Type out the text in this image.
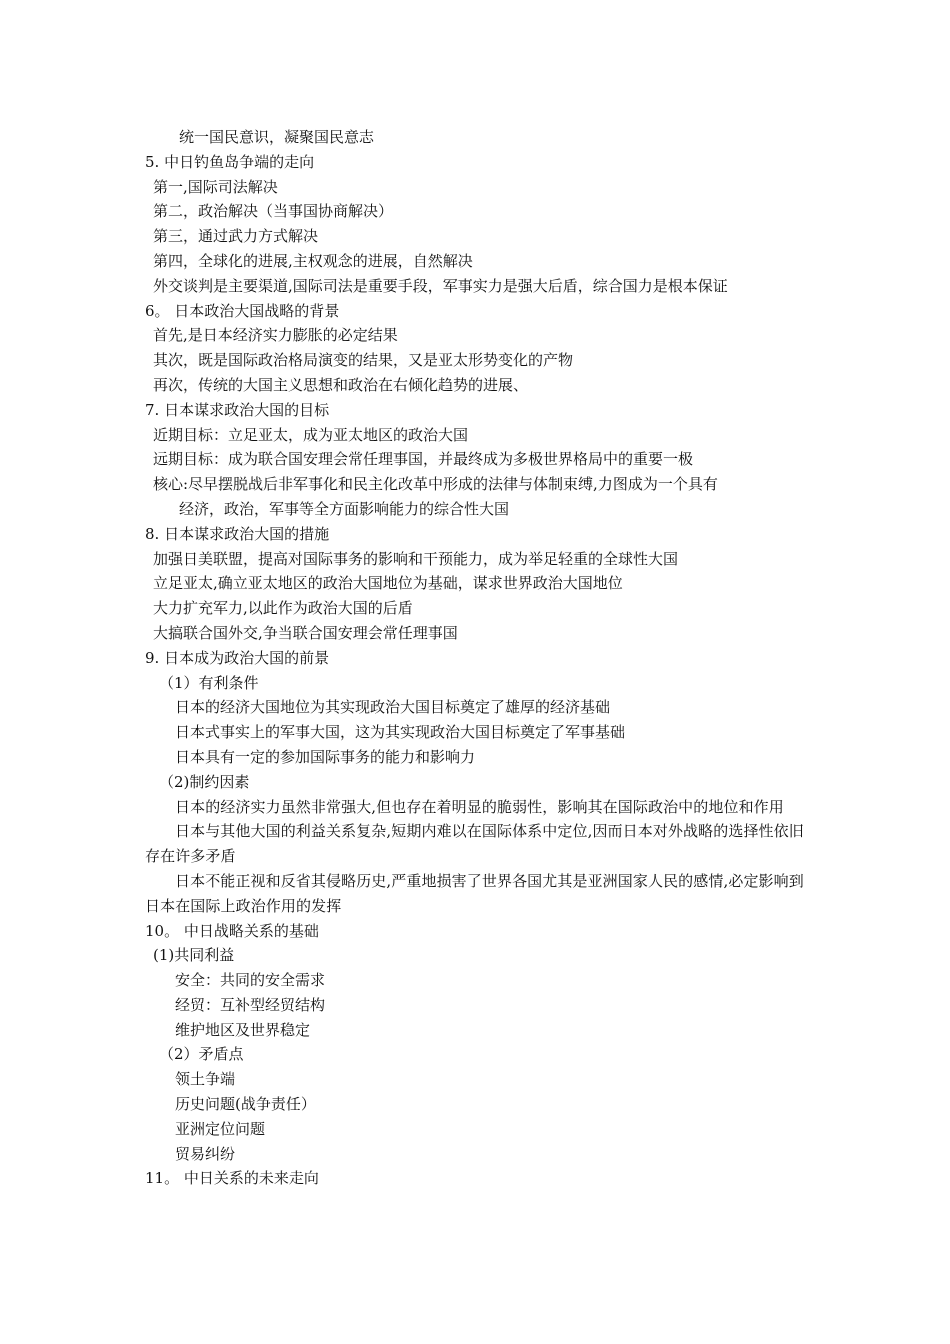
统一国民意识，凝聚国民意志
5. 中日钓鱼岛争端的走向
第一,国际司法解决
第二，政治解决（当事国协商解决）
第三，通过武力方式解决
第四，全球化的进展,主权观念的进展，自然解决
外交谈判是主要渠道,国际司法是重要手段，军事实力是强大后盾，综合国力是根本保证
6。 日本政治大国战略的背景
首先,是日本经济实力膨胀的必定结果
其次，既是国际政治格局演变的结果，又是亚太形势变化的产物
再次，传统的大国主义思想和政治在右倾化趋势的进展、
7. 日本谋求政治大国的目标
近期目标：立足亚太，成为亚太地区的政治大国
远期目标：成为联合国安理会常任理事国，并最终成为多极世界格局中的重要一极
核心:尽早摆脱战后非军事化和民主化改革中形成的法律与体制束缚,力图成为一个具有
经济，政治，军事等全方面影响能力的综合性大国
8. 日本谋求政治大国的措施
加强日美联盟，提高对国际事务的影响和干预能力，成为举足轻重的全球性大国
立足亚太,确立亚太地区的政治大国地位为基础，谋求世界政治大国地位
大力扩充军力,以此作为政治大国的后盾
大搞联合国外交,争当联合国安理会常任理事国
9. 日本成为政治大国的前景
（1）有利条件
日本的经济大国地位为其实现政治大国目标奠定了雄厚的经济基础
日本式事实上的军事大国，这为其实现政治大国目标奠定了军事基础
日本具有一定的参加国际事务的能力和影响力
（2)制约因素
日本的经济实力虽然非常强大,但也存在着明显的脆弱性，影响其在国际政治中的地位和作用
日本与其他大国的利益关系复杂,短期内难以在国际体系中定位,因而日本对外战略的选择性依旧存在许多矛盾
日本不能正视和反省其侵略历史,严重地损害了世界各国尤其是亚洲国家人民的感情,必定影响到日本在国际上政治作用的发挥
10。 中日战略关系的基础
(1)共同利益
安全：共同的安全需求
经贸：互补型经贸结构
维护地区及世界稳定
（2）矛盾点
领土争端
历史问题(战争责任）
亚洲定位问题
贸易纠纷
11。 中日关系的未来走向
